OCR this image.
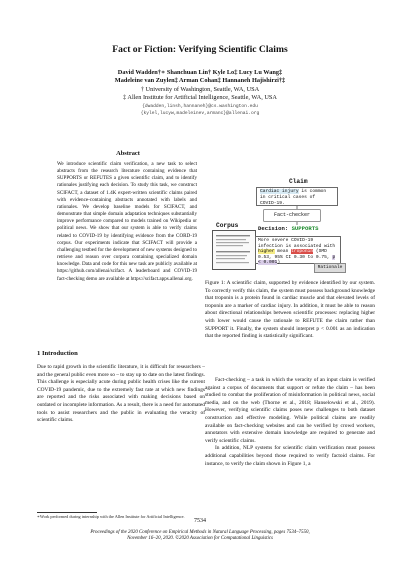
Fact or Fiction: Verifying Scientific Claims
David Wadden†∗ Shanchuan Lin† Kyle Lo‡ Lucy Lu Wang‡
Madeleine van Zuylen‡ Arman Cohan‡ Hannaneh Hajishirzi†‡
† University of Washington, Seattle, WA, USA
‡ Allen Institute for Artificial Intelligence, Seattle, WA, USA
{dwadden,linsh,hannaneh}@cs.washington.edu
{kylel,lucyw,madeleinev,armanc}@allenai.org
Abstract

We introduce scientific claim verification, a new task to select abstracts from the research literature containing evidence that SUPPORTS or REFUTES a given scientific claim, and to identify rationales justifying each decision. To study this task, we construct SCIFACT, a dataset of 1.4K expert-written scientific claims paired with evidence-containing abstracts annotated with labels and rationales. We develop baseline models for SCIFACT, and demonstrate that simple domain adaptation techniques substantially improve performance compared to models trained on Wikipedia or political news. We show that our system is able to verify claims related to COVID-19 by identifying evidence from the CORD-19 corpus. Our experiments indicate that SCIFACT will provide a challenging testbed for the development of new systems designed to retrieve and reason over corpora containing specialized domain knowledge. Data and code for this new task are publicly available at https://github.com/allenai/scifact. A leaderboard and COVID-19 fact-checking demo are available at https://scifact.apps.allenai.org.

1 Introduction

Due to rapid growth in the scientific literature, it is difficult for researchers – and the general public even more so – to stay up to date on the latest findings. This challenge is especially acute during public health crises like the current COVID-19 pandemic, due to the extremely fast rate at which new findings are reported and the risks associated with making decisions based on outdated or incomplete information. As a result, there is a need for automated tools to assist researchers and the public in evaluating the veracity of scientific claims.

∗Work performed during internship with the Allen Institute for Artificial Intelligence.
Claim
Cardiac injury is common in critical cases of COVID-19.
Corpus
Fact-checker
Decision: SUPPORTS
More severe COVID-19 infection is associated with higher mean troponin (SMD 0.53, 95% CI 0.30 to 0.75, p < 0.001)
Rationale

Figure 1: A scientific claim, supported by evidence identified by our system. To correctly verify this claim, the system must possess background knowledge that troponin is a protein found in cardiac muscle and that elevated levels of troponin are a marker of cardiac injury. In addition, it must be able to reason about directional relationships between scientific processes: replacing higher with lower would cause the rationale to REFUTE the claim rather than SUPPORT it. Finally, the system should interpret p < 0.001 as an indication that the reported finding is statistically significant.

Fact-checking – a task in which the veracity of an input claim is verified against a corpus of documents that support or refute the claim – has been studied to combat the proliferation of misinformation in political news, social media, and on the web (Thorne et al., 2018; Hanselowski et al., 2019). However, verifying scientific claims poses new challenges to both dataset construction and effective modeling. While political claims are readily available on fact-checking websites and can be verified by crowd workers, annotators with extensive domain knowledge are required to generate and verify scientific claims.

In addition, NLP systems for scientific claim verification must possess additional capabilities beyond those required to verify factoid claims. For instance, to verify the claim shown in Figure 1, a

7534
Proceedings of the 2020 Conference on Empirical Methods in Natural Language Processing, pages 7534–7550,
November 16–20, 2020. ©2020 Association for Computational Linguistics
